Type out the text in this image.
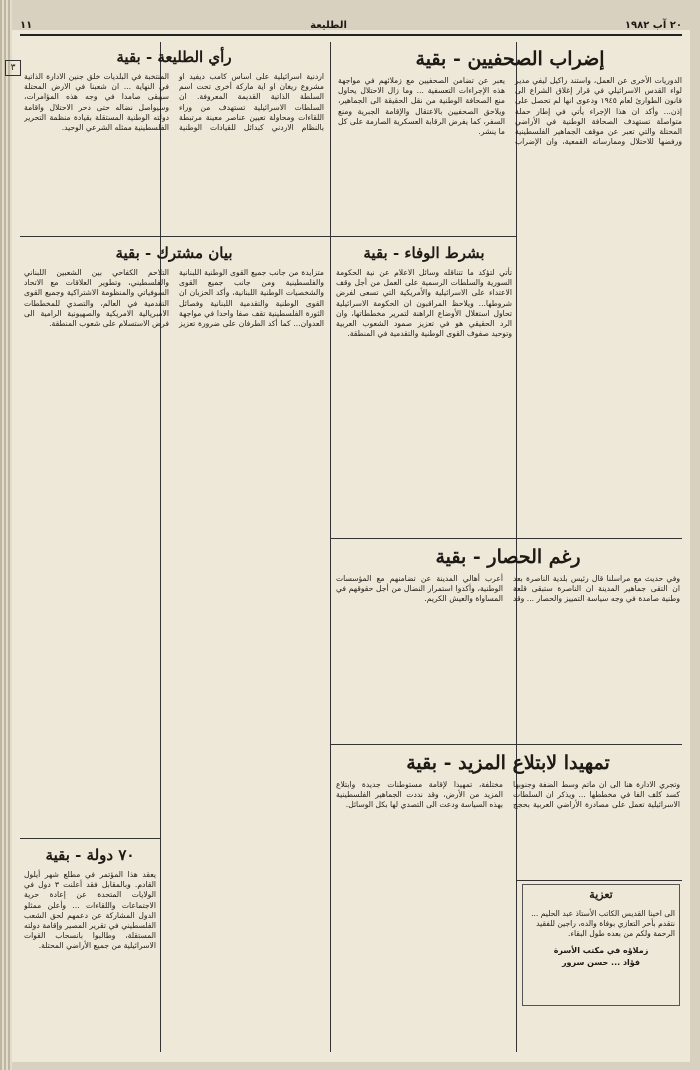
١١	الطليعة	٢٠ آب ١٩٨٢
٣	إضراب الصحفيين - بقية

الدوريات الأخرى عن العمل، واستند راكيل ليفي مدير لواء القدس الاسرائيلي في قرار إغلاق الشراع الى قانون الطوارئ لعام ١٩٤٥ ودعوى انها لم تحصل على إذن... وأكد ان هذا الإجراء يأتي في إطار حملة متواصلة تستهدف الصحافة الوطنية في الأراضي المحتلة والتي تعبر عن موقف الجماهير الفلسطينية ورفضها للاحتلال وممارساته القمعية، وان الإضراب يعبر عن تضامن الصحفيين مع زملائهم في مواجهة هذه الإجراءات التعسفية ... وما زال الاحتلال يحاول منع الصحافة الوطنية من نقل الحقيقة الى الجماهير، ويلاحق الصحفيين بالاعتقال والإقامة الجبرية ومنع السفر، كما يفرض الرقابة العسكرية الصارمة على كل ما ينشر.

رأي الطليعة - بقية

اردنية اسرائيلية على اساس كامب ديفيد او مشروع ريغان او اية ماركة أخرى تحت اسم السلطة الذاتية القديمة المعروفة. ان السلطات الاسرائيلية تستهدف من وراء اللقاءات ومحاولة تعيين عناصر معينة مرتبطة بالنظام الاردني كبدائل للقيادات الوطنية المنتخبة في البلديات خلق جنين الادارة الذاتية في النهاية ... ان شعبنا في الارض المحتلة سيبقى صامدا في وجه هذه المؤامرات، وسيواصل نضاله حتى دحر الاحتلال واقامة دولته الوطنية المستقلة بقيادة منظمة التحرير الفلسطينية ممثله الشرعي الوحيد.

بشرط الوفاء - بقية

تأتي لتؤكد ما تتناقله وسائل الاعلام عن نية الحكومة السورية والسلطات الرسمية على العمل من أجل وقف الاعتداء على الاسرائيلية والأمريكية التي تسعى لفرض شروطها... ويلاحظ المراقبون ان الحكومة الاسرائيلية تحاول استغلال الأوضاع الراهنة لتمرير مخططاتها، وان الرد الحقيقي هو في تعزيز صمود الشعوب العربية وتوحيد صفوف القوى الوطنية والتقدمية في المنطقة.

بيان مشترك - بقية

متزايدة من جانب جميع القوى الوطنية اللبنانية والفلسطينية ومن جانب جميع القوى والشخصيات الوطنية اللبنانية، وأكد الحزبان ان القوى الوطنية والتقدمية اللبنانية وفصائل الثورة الفلسطينية تقف صفا واحدا في مواجهة العدوان... كما أكد الطرفان على ضرورة تعزيز التلاحم الكفاحي بين الشعبين اللبناني والفلسطيني، وتطوير العلاقات مع الاتحاد السوفياتي والمنظومة الاشتراكية وجميع القوى التقدمية في العالم، والتصدي للمخططات الامبريالية الامريكية والصهيونية الرامية الى فرض الاستسلام على شعوب المنطقة.

رغم الحصار - بقية

وفي حديث مع مراسلنا قال رئيس بلدية الناصرة بعد ان التقى جماهير المدينة ان الناصرة ستبقى قلعة وطنية صامدة في وجه سياسة التمييز والحصار ... وقد أعرب أهالي المدينة عن تضامنهم مع المؤسسات الوطنية، وأكدوا استمرار النضال من أجل حقوقهم في المساواة والعيش الكريم.

تمهيدا لابتلاع المزيد - بقية

وتجري الادارة هنا الى ان ماتم وسط الضفة وجنوبها كسد كلف الفا في مخططها ... ويذكر ان السلطات الاسرائيلية تعمل على مصادرة الأراضي العربية بحجج مختلفة، تمهيدا لإقامة مستوطنات جديدة وابتلاع المزيد من الأرض، وقد نددت الجماهير الفلسطينية بهذه السياسة ودعت الى التصدي لها بكل الوسائل.

٧٠ دولة - بقية

يعقد هذا المؤتمر في مطلع شهر أيلول القادم. وبالمقابل فقد أعلنت ٣ دول في الولايات المتحدة عن إعادة حرية الاجتماعات واللقاءات ... وأعلن ممثلو الدول المشاركة عن دعمهم لحق الشعب الفلسطيني في تقرير المصير وإقامة دولته المستقلة، وطالبوا بانسحاب القوات الاسرائيلية من جميع الأراضي المحتلة.

تعزية

الى اخينا القديس الكاتب الأستاذ عبد الحليم ... نتقدم بأحر التعازي بوفاة والده، راجين للفقيد الرحمة ولكم من بعده طول البقاء.

زملاؤه في مكتب الأسرة
فؤاد ... حسن سرور
